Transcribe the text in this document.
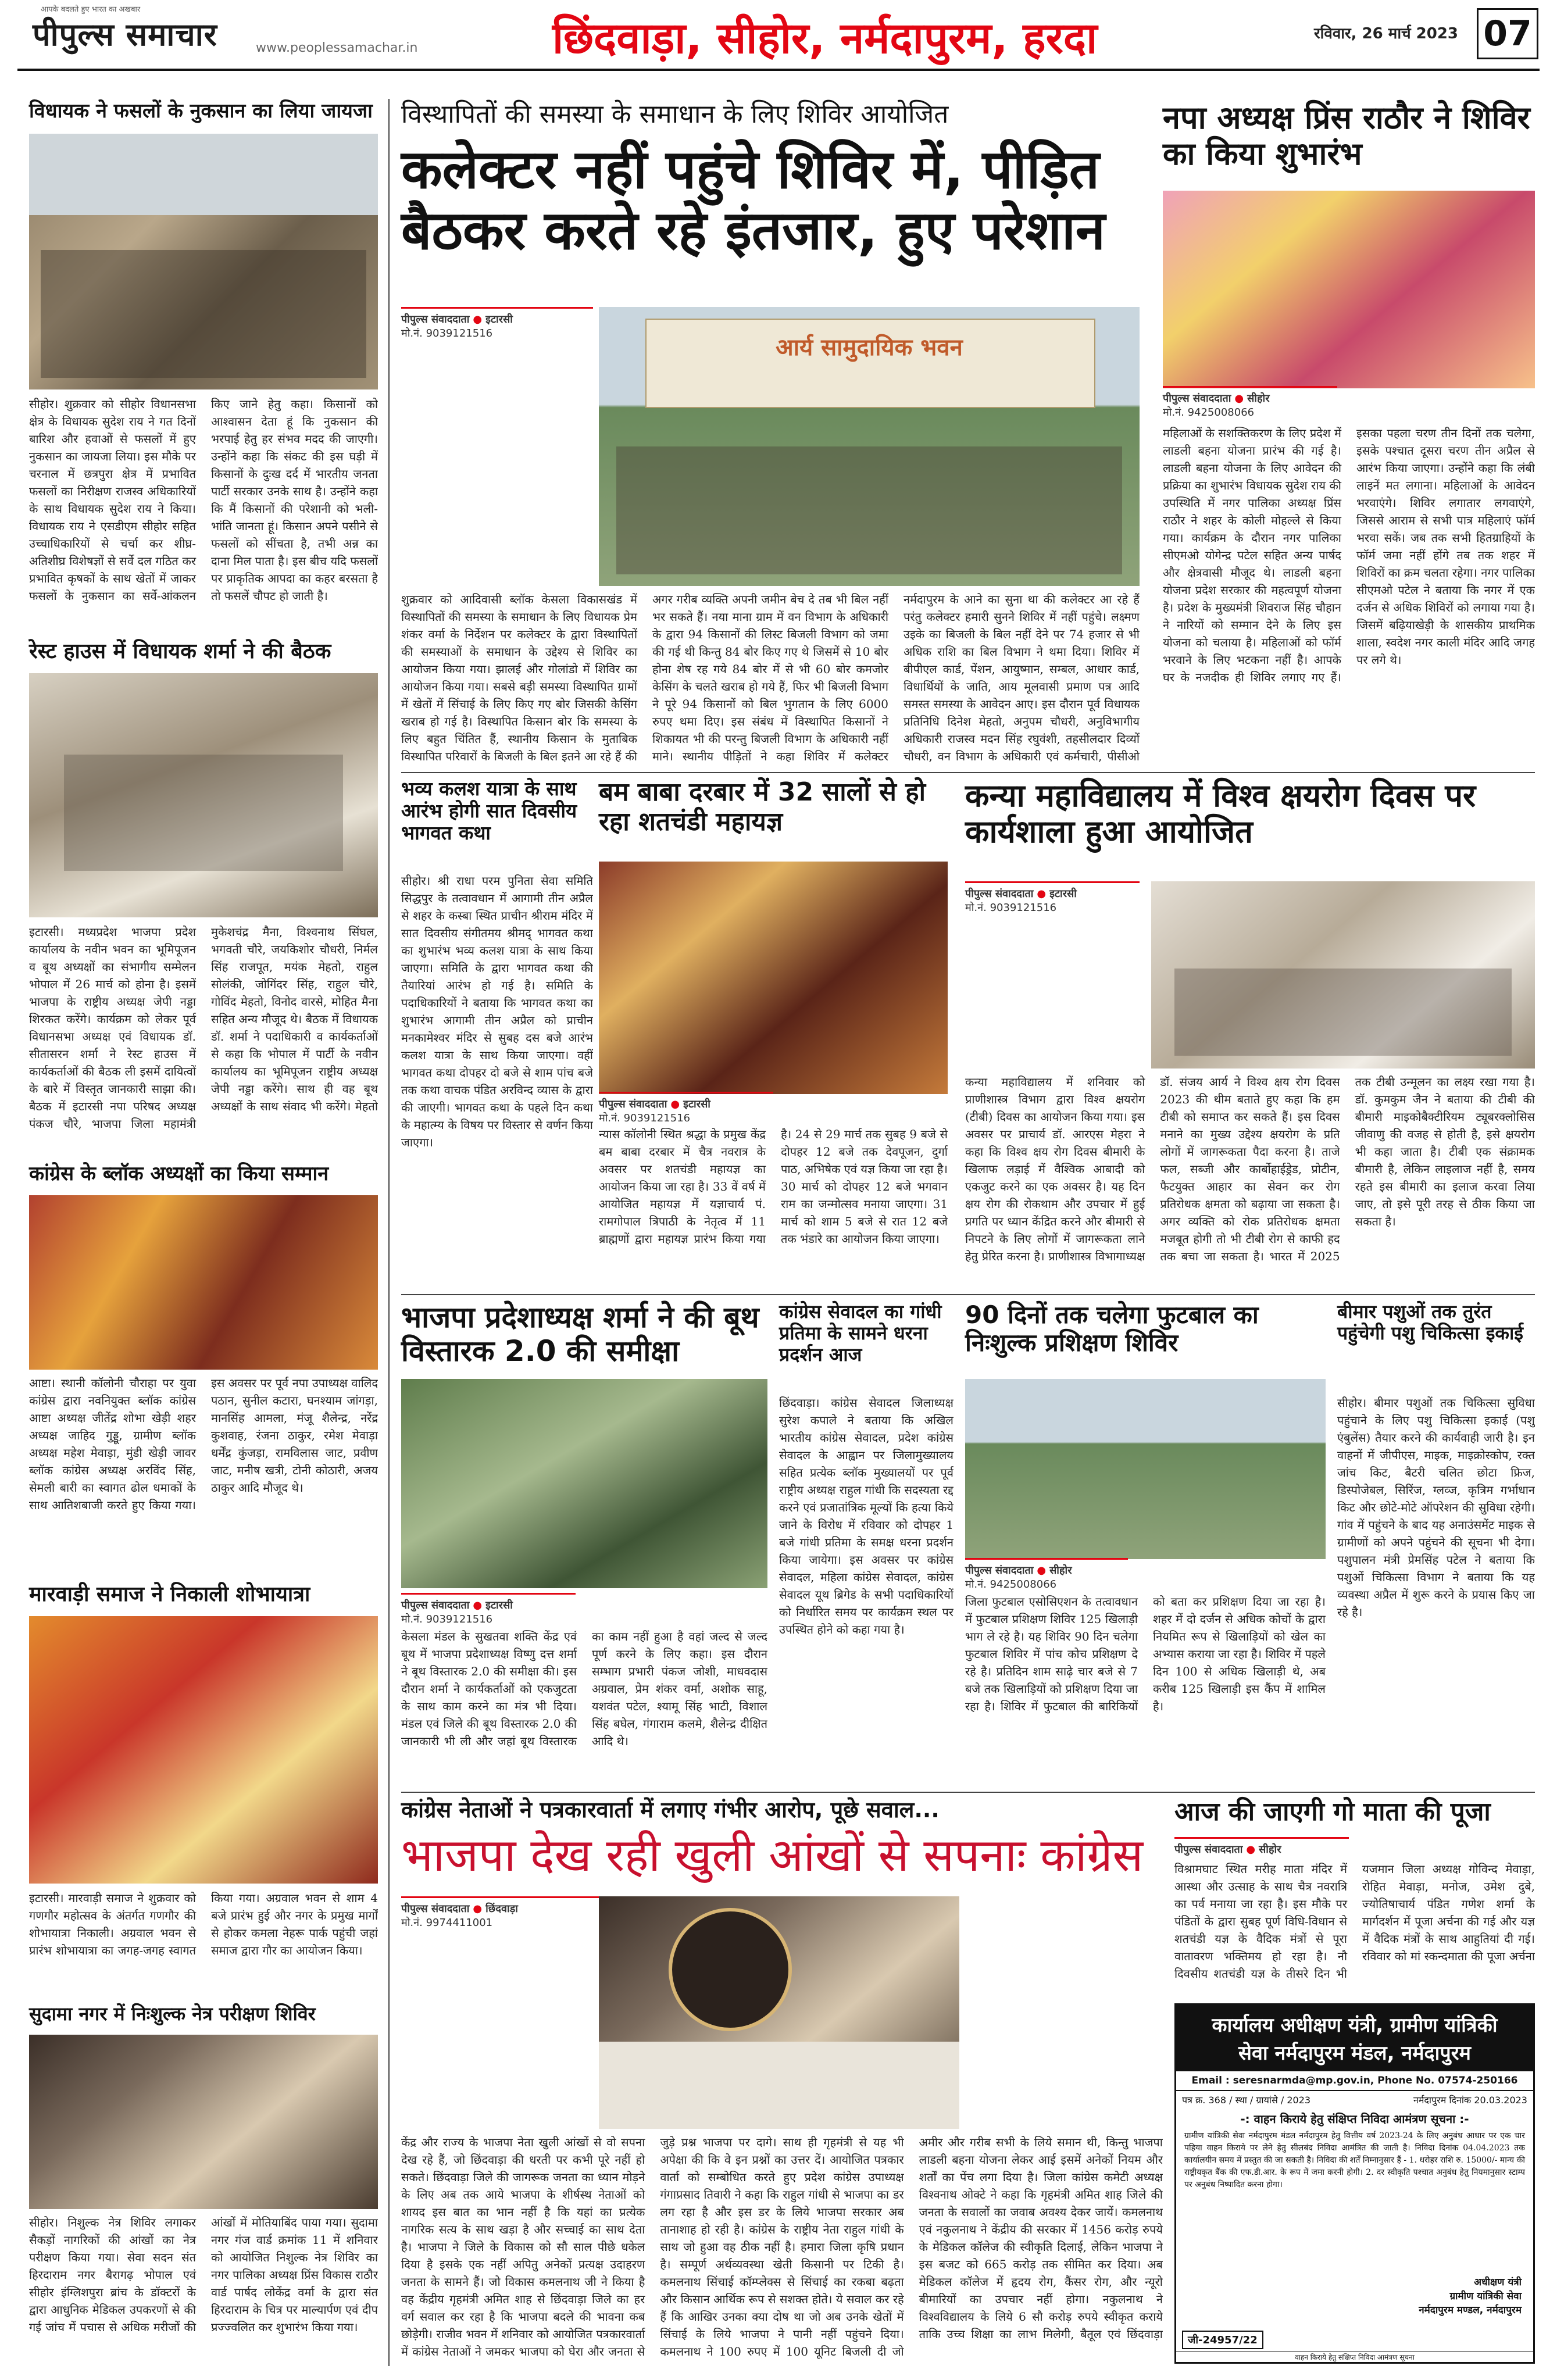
आपके बदलते हुए भारत का अखबार
पीपुल्स समाचार	www.peoplessamachar.in	छिंदवाड़ा, सीहोर, नर्मदापुरम, हरदा	रविवार, 26 मार्च 2023 07
विधायक ने फसलों के नुकसान का लिया जायजा
सीहोर। शुक्रवार को सीहोर विधानसभा क्षेत्र के विधायक सुदेश राय ने गत दिनों बारिश और हवाओं से फसलों में हुए नुकसान का जायजा लिया। इस मौके पर चरनाल में छत्रपुरा क्षेत्र में प्रभावित फसलों का निरीक्षण राजस्व अधिकारियों के साथ विधायक सुदेश राय ने किया। विधायक राय ने एसडीएम सीहोर सहित उच्चाधिकारियों से चर्चा कर शीघ्र-अतिशीघ्र विशेषज्ञों से सर्वे दल गठित कर प्रभावित कृषकों के साथ खेतों में जाकर फसलों के नुकसान का सर्वे-आंकलन किए जाने हेतु कहा। किसानों को आश्वासन देता हूं कि नुकसान की भरपाई हेतु हर संभव मदद की जाएगी। उन्होंने कहा कि संकट की इस घड़ी में किसानों के दुःख दर्द में भारतीय जनता पार्टी सरकार उनके साथ है। उन्होंने कहा कि मैं किसानों की परेशानी को भली-भांति जानता हूं। किसान अपने पसीने से फसलों को सींचता है, तभी अन्न का दाना मिल पाता है। इस बीच यदि फसलों पर प्राकृतिक आपदा का कहर बरसता है तो फसलें चौपट हो जाती है।
रेस्ट हाउस में विधायक शर्मा ने की बैठक
इटारसी। मध्यप्रदेश भाजपा प्रदेश कार्यालय के नवीन भवन का भूमिपूजन व बूथ अध्यक्षों का संभागीय सम्मेलन भोपाल में 26 मार्च को होना है। इसमें भाजपा के राष्ट्रीय अध्यक्ष जेपी नड्डा शिरकत करेंगे। कार्यक्रम को लेकर पूर्व विधानसभा अध्यक्ष एवं विधायक डॉ. सीतासरन शर्मा ने रेस्ट हाउस में कार्यकर्ताओं की बैठक ली इसमें दायित्वों के बारे में विस्तृत जानकारी साझा की। बैठक में इटारसी नपा परिषद अध्यक्ष पंकज चौरे, भाजपा जिला महामंत्री मुकेशचंद्र मैना, विश्वनाथ सिंघल, भगवती चौरे, जयकिशोर चौधरी, निर्मल सिंह राजपूत, मयंक मेहतो, राहुल सोलंकी, जोगिंदर सिंह, राहुल चौरे, गोविंद मेहतो, विनोद वारसे, मोहित मैना सहित अन्य मौजूद थे। बैठक में विधायक डॉ. शर्मा ने पदाधिकारी व कार्यकर्ताओं से कहा कि भोपाल में पार्टी के नवीन कार्यालय का भूमिपूजन राष्ट्रीय अध्यक्ष जेपी नड्डा करेंगे। साथ ही वह बूथ अध्यक्षों के साथ संवाद भी करेंगे। मेहतो
कांग्रेस के ब्लॉक अध्यक्षों का किया सम्मान
आष्टा। स्थानी कॉलोनी चौराहा पर युवा कांग्रेस द्वारा नवनियुक्त ब्लॉक कांग्रेस आष्टा अध्यक्ष जीतेंद्र शोभा खेड़ी शहर अध्यक्ष जाहिद गुड्डू, ग्रामीण ब्लॉक अध्यक्ष महेश मेवाड़ा, मुंडी खेड़ी जावर ब्लॉक कांग्रेस अध्यक्ष अरविंद सिंह, सेमली बारी का स्वागत ढोल धमाकों के साथ आतिशबाजी करते हुए किया गया। इस अवसर पर पूर्व नपा उपाध्यक्ष वालिद पठान, सुनील कटारा, घनश्याम जांगड़ा, मानसिंह आमला, मंजू शैलेन्द्र, नरेंद्र कुशवाह, रंजना ठाकुर, रमेश मेवाड़ा धर्मेंद्र कुंजड़ा, रामविलास जाट, प्रवीण जाट, मनीष खत्री, टोनी कोठारी, अजय ठाकुर आदि मौजूद थे।
मारवाड़ी समाज ने निकाली शोभायात्रा
इटारसी। मारवाड़ी समाज ने शुक्रवार को गणगौर महोत्सव के अंतर्गत गणगौर की शोभायात्रा निकाली। अग्रवाल भवन से प्रारंभ शोभायात्रा का जगह-जगह स्वागत किया गया। अग्रवाल भवन से शाम 4 बजे प्रारंभ हुई और नगर के प्रमुख मार्गों से होकर कमला नेहरू पार्क पहुंची जहां समाज द्वारा गौर का आयोजन किया।
सुदामा नगर में निःशुल्क नेत्र परीक्षण शिविर
सीहोर। निशुल्क नेत्र शिविर लगाकर सैकड़ों नागरिकों की आंखों का नेत्र परीक्षण किया गया। सेवा सदन संत हिरदाराम नगर बैरागढ़ भोपाल एवं सीहोर इंग्लिशपुरा ब्रांच के डॉक्टरों के द्वारा आधुनिक मेडिकल उपकरणों से की गई जांच में पचास से अधिक मरीजों की आंखों में मोतियाबिंद पाया गया। सुदामा नगर गंज वार्ड क्रमांक 11 में शनिवार को आयोजित निशुल्क नेत्र शिविर का नगर पालिका अध्यक्ष प्रिंस विकास राठौर वार्ड पार्षद लोकेंद्र वर्मा के द्वारा संत हिरदाराम के चित्र पर माल्यार्पण एवं दीप प्रज्ज्वलित कर शुभारंभ किया गया।
विस्थापितों की समस्या के समाधान के लिए शिविर आयोजित
कलेक्टर नहीं पहुंचे शिविर में, पीड़ित बैठकर करते रहे इंतजार, हुए परेशान
पीपुल्स संवाददाता ● इटारसी
मो.नं. 9039121516
आर्य सामुदायिक भवन
शुक्रवार को आदिवासी ब्लॉक केसला विकासखंड में विस्थापितों की समस्या के समाधान के लिए विधायक प्रेम शंकर वर्मा के निर्देशन पर कलेक्टर के द्वारा विस्थापितों की समस्याओं के समाधान के उद्देश्य से शिविर का आयोजन किया गया। झालई और गोलांडो में शिविर का आयोजन किया गया। सबसे बड़ी समस्या विस्थापित ग्रामों में खेतों में सिंचाई के लिए किए गए बोर जिसकी केसिंग खराब हो गई है। विस्थापित किसान बोर कि समस्या के लिए बहुत चिंतित हैं, स्थानीय किसान के मुताबिक विस्थापित परिवारों के बिजली के बिल इतने आ रहे हैं की अगर गरीब व्यक्ति अपनी जमीन बेच दे तब भी बिल नहीं भर सकते हैं। नया माना ग्राम में वन विभाग के अधिकारी के द्वारा 94 किसानों की लिस्ट बिजली विभाग को जमा की गई थी किन्तु 84 बोर किए गए थे जिसमें से 10 बोर होना शेष रह गये 84 बोर में से भी 60 बोर कमजोर केसिंग के चलते खराब हो गये हैं, फिर भी बिजली विभाग ने पूरे 94 किसानों को बिल भुगतान के लिए 6000 रुपए थमा दिए। इस संबंध में विस्थापित किसानों ने शिकायत भी की परन्तु बिजली विभाग के अधिकारी नहीं माने। स्थानीय पीड़ितों ने कहा शिविर में कलेक्टर नर्मदापुरम के आने का सुना था की कलेक्टर आ रहे हैं परंतु कलेक्टर हमारी सुनने शिविर में नहीं पहुंचे। लक्ष्मण उइके का बिजली के बिल नहीं देने पर 74 हजार से भी अधिक राशि का बिल विभाग ने थमा दिया। शिविर में बीपीएल कार्ड, पेंशन, आयुष्मान, सम्बल, आधार कार्ड, विधार्थियों के जाति, आय मूलवासी प्रमाण पत्र आदि समस्त समस्या के आवेदन आए। इस दौरान पूर्व विधायक प्रतिनिधि दिनेश मेहतो, अनुपम चौधरी, अनुविभागीय अधिकारी राजस्व मदन सिंह रघुवंशी, तहसीलदार दिव्यों चौधरी, वन विभाग के अधिकारी एवं कर्मचारी, पीसीओ
नपा अध्यक्ष प्रिंस राठौर ने शिविर का किया शुभारंभ
पीपुल्स संवाददाता ● सीहोर
मो.नं. 9425008066
महिलाओं के सशक्तिकरण के लिए प्रदेश में लाडली बहना योजना प्रारंभ की गई है। लाडली बहना योजना के लिए आवेदन की प्रक्रिया का शुभारंभ विधायक सुदेश राय की उपस्थिति में नगर पालिका अध्यक्ष प्रिंस राठौर ने शहर के कोली मोहल्ले से किया गया। कार्यक्रम के दौरान नगर पालिका सीएमओ योगेन्द्र पटेल सहित अन्य पार्षद और क्षेत्रवासी मौजूद थे। लाडली बहना योजना प्रदेश सरकार की महत्वपूर्ण योजना है। प्रदेश के मुख्यमंत्री शिवराज सिंह चौहान ने नारियों को सम्मान देने के लिए इस योजना को चलाया है। महिलाओं को फॉर्म भरवाने के लिए भटकना नहीं है। आपके घर के नजदीक ही शिविर लगाए गए हैं। इसका पहला चरण तीन दिनों तक चलेगा, इसके पश्चात दूसरा चरण तीन अप्रैल से आरंभ किया जाएगा। उन्होंने कहा कि लंबी लाइनें मत लगाना। महिलाओं के आवेदन भरवाएंगे। शिविर लगातार लगवाएंगे, जिससे आराम से सभी पात्र महिलाएं फॉर्म भरवा सकें। जब तक सभी हितग्राहियों के फॉर्म जमा नहीं होंगे तब तक शहर में शिविरों का क्रम चलता रहेगा। नगर पालिका सीएमओ पटेल ने बताया कि नगर में एक दर्जन से अधिक शिविरों को लगाया गया है। जिसमें बढ़ियाखेड़ी के शासकीय प्राथमिक शाला, स्वदेश नगर काली मंदिर आदि जगह पर लगे थे।
भव्य कलश यात्रा के साथ आरंभ होगी सात दिवसीय भागवत कथा
सीहोर। श्री राधा परम पुनिता सेवा समिति सिद्धपुर के तत्वावधान में आगामी तीन अप्रैल से शहर के कस्बा स्थित प्राचीन श्रीराम मंदिर में सात दिवसीय संगीतमय श्रीमद् भागवत कथा का शुभारंभ भव्य कलश यात्रा के साथ किया जाएगा। समिति के द्वारा भागवत कथा की तैयारियां आरंभ हो गई है। समिति के पदाधिकारियों ने बताया कि भागवत कथा का शुभारंभ आगामी तीन अप्रैल को प्राचीन मनकामेश्वर मंदिर से सुबह दस बजे आरंभ कलश यात्रा के साथ किया जाएगा। वहीं भागवत कथा दोपहर दो बजे से शाम पांच बजे तक कथा वाचक पंडित अरविन्द व्यास के द्वारा की जाएगी। भागवत कथा के पहले दिन कथा के महात्म्य के विषय पर विस्तार से वर्णन किया जाएगा।
बम बाबा दरबार में 32 सालों से हो रहा शतचंडी महायज्ञ
पीपुल्स संवाददाता ● इटारसी
मो.नं. 9039121516
न्यास कॉलोनी स्थित श्रद्धा के प्रमुख केंद्र बम बाबा दरबार में चैत्र नवरात्र के अवसर पर शतचंडी महायज्ञ का आयोजन किया जा रहा है। 33 वें वर्ष में आयोजित महायज्ञ में यज्ञाचार्य पं. रामगोपाल त्रिपाठी के नेतृत्व में 11 ब्राह्मणों द्वारा महायज्ञ प्रारंभ किया गया है। 24 से 29 मार्च तक सुबह 9 बजे से दोपहर 12 बजे तक देवपूजन, दुर्गा पाठ, अभिषेक एवं यज्ञ किया जा रहा है। 30 मार्च को दोपहर 12 बजे भगवान राम का जन्मोत्सव मनाया जाएगा। 31 मार्च को शाम 5 बजे से रात 12 बजे तक भंडारे का आयोजन किया जाएगा।
कन्या महाविद्यालय में विश्व क्षयरोग दिवस पर कार्यशाला हुआ आयोजित
पीपुल्स संवाददाता ● इटारसी
मो.नं. 9039121516
कन्या महाविद्यालय में शनिवार को प्राणीशास्त्र विभाग द्वारा विश्व क्षयरोग (टीबी) दिवस का आयोजन किया गया। इस अवसर पर प्राचार्य डॉ. आरएस मेहरा ने कहा कि विश्व क्षय रोग दिवस बीमारी के खिलाफ लड़ाई में वैश्विक आबादी को एकजुट करने का एक अवसर है। यह दिन क्षय रोग की रोकथाम और उपचार में हुई प्रगति पर ध्यान केंद्रित करने और बीमारी से निपटने के लिए लोगों में जागरूकता लाने हेतु प्रेरित करना है। प्राणीशास्त्र विभागाध्यक्ष डॉ. संजय आर्य ने विश्व क्षय रोग दिवस 2023 की थीम बताते हुए कहा कि हम टीबी को समाप्त कर सकते हैं। इस दिवस मनाने का मुख्य उद्देश्य क्षयरोग के प्रति लोगों में जागरूकता पैदा करना है। ताजे फल, सब्जी और कार्बोहाईड्रेड, प्रोटीन, फैटयुक्त आहार का सेवन कर रोग प्रतिरोधक क्षमता को बढ़ाया जा सकता है। अगर व्यक्ति को रोक प्रतिरोधक क्षमता मजबूत होगी तो भी टीबी रोग से काफी हद तक बचा जा सकता है। भारत में 2025 तक टीबी उन्मूलन का लक्ष्य रखा गया है। डॉ. कुमकुम जैन ने बताया की टीबी की बीमारी माइकोबैक्टीरियम ट्यूबरक्लोसिस जीवाणु की वजह से होती है, इसे क्षयरोग भी कहा जाता है। टीबी एक संक्रामक बीमारी है, लेकिन लाइलाज नहीं है, समय रहते इस बीमारी का इलाज करवा लिया जाए, तो इसे पूरी तरह से ठीक किया जा सकता है।
भाजपा प्रदेशाध्यक्ष शर्मा ने की बूथ विस्तारक 2.0 की समीक्षा
पीपुल्स संवाददाता ● इटारसी
मो.नं. 9039121516
केसला मंडल के सुखतवा शक्ति केंद्र एवं बूथ में भाजपा प्रदेशाध्यक्ष विष्णु दत्त शर्मा ने बूथ विस्तारक 2.0 की समीक्षा की। इस दौरान शर्मा ने कार्यकर्ताओं को एकजुटता के साथ काम करने का मंत्र भी दिया। मंडल एवं जिले की बूथ विस्तारक 2.0 की जानकारी भी ली और जहां बूथ विस्तारक का काम नहीं हुआ है वहां जल्द से जल्द पूर्ण करने के लिए कहा। इस दौरान सम्भाग प्रभारी पंकज जोशी, माधवदास अग्रवाल, प्रेम शंकर वर्मा, अशोक साहू, यशवंत पटेल, श्यामू सिंह भाटी, विशाल सिंह बघेल, गंगाराम कलमे, शैलेन्द्र दीक्षित आदि थे।
कांग्रेस सेवादल का गांधी प्रतिमा के सामने धरना प्रदर्शन आज
छिंदवाड़ा। कांग्रेस सेवादल जिलाध्यक्ष सुरेश कपाले ने बताया कि अखिल भारतीय कांग्रेस सेवादल, प्रदेश कांग्रेस सेवादल के आह्वान पर जिलामुख्यालय सहित प्रत्येक ब्लॉक मुख्यालयों पर पूर्व राष्ट्रीय अध्यक्ष राहुल गांधी कि सदस्यता रद्द करने एवं प्रजातांत्रिक मूल्यों कि हत्या किये जाने के विरोध में रविवार को दोपहर 1 बजे गांधी प्रतिमा के समक्ष धरना प्रदर्शन किया जायेगा। इस अवसर पर कांग्रेस सेवादल, महिला कांग्रेस सेवादल, कांग्रेस सेवादल यूथ ब्रिगेड के सभी पदाधिकारियों को निर्धारित समय पर कार्यक्रम स्थल पर उपस्थित होने को कहा गया है।
90 दिनों तक चलेगा फुटबाल का निःशुल्क प्रशिक्षण शिविर
पीपुल्स संवाददाता ● सीहोर
मो.नं. 9425008066
जिला फुटबाल एसोसिएशन के तत्वावधान में फुटबाल प्रशिक्षण शिविर 125 खिलाड़ी भाग ले रहे है। यह शिविर 90 दिन चलेगा फुटबाल शिविर में पांच कोच प्रशिक्षण दे रहे है। प्रतिदिन शाम साढ़े चार बजे से 7 बजे तक खिलाड़ियों को प्रशिक्षण दिया जा रहा है। शिविर में फुटबाल की बारिकियों को बता कर प्रशिक्षण दिया जा रहा है। शहर में दो दर्जन से अधिक कोचों के द्वारा नियमित रूप से खिलाड़ियों को खेल का अभ्यास कराया जा रहा है। शिविर में पहले दिन 100 से अधिक खिलाड़ी थे, अब करीब 125 खिलाड़ी इस कैंप में शामिल है।
बीमार पशुओं तक तुरंत पहुंचेगी पशु चिकित्सा इकाई
सीहोर। बीमार पशुओं तक चिकित्सा सुविधा पहुंचाने के लिए पशु चिकित्सा इकाई (पशु एंबुलेंस) तैयार करने की कार्यवाही जारी है। इन वाहनों में जीपीएस, माइक, माइक्रोस्कोप, रक्त जांच किट, बैटरी चलित छोटा फ्रिज, डिस्पोजेबल, सिरिंज, ग्लव्ज, कृत्रिम गर्भाधान किट और छोटे-मोटे ऑपरेशन की सुविधा रहेगी। गांव में पहुंचने के बाद यह अनाउंसमेंट माइक से ग्रामीणों को अपने पहुंचने की सूचना भी देगा। पशुपालन मंत्री प्रेमसिंह पटेल ने बताया कि पशुओं चिकित्सा विभाग ने बताया कि यह व्यवस्था अप्रैल में शुरू करने के प्रयास किए जा रहे है।
कांग्रेस नेताओं ने पत्रकारवार्ता में लगाए गंभीर आरोप, पूछे सवाल...
भाजपा देख रही खुली आंखों से सपनाः कांग्रेस
पीपुल्स संवाददाता ● छिंदवाड़ा
मो.नं. 9974411001
केंद्र और राज्य के भाजपा नेता खुली आंखों से वो सपना देख रहे हैं, जो छिंदवाड़ा की धरती पर कभी पूरे नहीं हो सकते। छिंदवाड़ा जिले की जागरूक जनता का ध्यान मोड़ने के लिए अब तक आये भाजपा के शीर्षस्थ नेताओं को शायद इस बात का भान नहीं है कि यहां का प्रत्येक नागरिक सत्य के साथ खड़ा है और सच्चाई का साथ देता है। भाजपा ने जिले के विकास को सौ साल पीछे धकेल दिया है इसके एक नहीं अपितु अनेकों प्रत्यक्ष उदाहरण जनता के सामने हैं। जो विकास कमलनाथ जी ने किया है वह केंद्रीय गृहमंत्री अमित शाह से छिंदवाड़ा जिले का हर वर्ग सवाल कर रहा है कि भाजपा बदले की भावना कब छोड़ेगी। राजीव भवन में शनिवार को आयोजित पत्रकारवार्ता में कांग्रेस नेताओं ने जमकर भाजपा को घेरा और जनता से जुड़े प्रश्न भाजपा पर दागे। साथ ही गृहमंत्री से यह भी अपेक्षा की कि वे इन प्रश्नों का उत्तर दें। आयोजित पत्रकार वार्ता को सम्बोधित करते हुए प्रदेश कांग्रेस उपाध्यक्ष गंगाप्रसाद तिवारी ने कहा कि राहुल गांधी से भाजपा का डर लग रहा है और इस डर के लिये भाजपा सरकार अब तानाशाह हो रही है। कांग्रेस के राष्ट्रीय नेता राहुल गांधी के साथ जो हुआ वह ठीक नहीं है। हमारा जिला कृषि प्रधान है। सम्पूर्ण अर्थव्यवस्था खेती किसानी पर टिकी है। कमलनाथ सिंचाई कॉम्प्लेक्स से सिंचाई का रकबा बढ़ता और किसान आर्थिक रूप से सशक्त होते। ये सवाल कर रहे हैं कि आखिर उनका क्या दोष था जो अब उनके खेतों में सिंचाई के लिये भाजपा ने पानी नहीं पहुंचने दिया। कमलनाथ ने 100 रुपए में 100 यूनिट बिजली दी जो अमीर और गरीब सभी के लिये समान थी, किन्तु भाजपा लाडली बहना योजना लेकर आई इसमें अनेकों नियम और शर्तों का पेंच लगा दिया है। जिला कांग्रेस कमेटी अध्यक्ष विश्वनाथ ओक्टे ने कहा कि गृहमंत्री अमित शाह जिले की जनता के सवालों का जवाब अवश्य देकर जायें। कमलनाथ एवं नकुलनाथ ने केंद्रीय की सरकार में 1456 करोड़ रुपये के मेडिकल कॉलेज की स्वीकृति दिलाई, लेकिन भाजपा ने इस बजट को 665 करोड़ तक सीमित कर दिया। अब मेडिकल कॉलेज में हृदय रोग, कैंसर रोग, और न्यूरो बीमारियों का उपचार नहीं होगा। नकुलनाथ ने विश्वविद्यालय के लिये 6 सौ करोड़ रुपये स्वीकृत कराये ताकि उच्च शिक्षा का लाभ मिलेगी, बैतूल एवं छिंदवाड़ा
आज की जाएगी गो माता की पूजा
पीपुल्स संवाददाता ● सीहोर
विश्रामघाट स्थित मरीह माता मंदिर में आस्था और उत्साह के साथ चैत्र नवरात्रि का पर्व मनाया जा रहा है। इस मौके पर पंडितों के द्वारा सुबह पूर्ण विधि-विधान से शतचंडी यज्ञ के वैदिक मंत्रों से पूरा वातावरण भक्तिमय हो रहा है। नौ दिवसीय शतचंडी यज्ञ के तीसरे दिन भी यजमान जिला अध्यक्ष गोविन्द मेवाड़ा, रोहित मेवाड़ा, मनोज, उमेश दुबे, ज्योतिषाचार्य पंडित गणेश शर्मा के मार्गदर्शन में पूजा अर्चना की गई और यज्ञ में वैदिक मंत्रों के साथ आहुतियां दी गई। रविवार को मां स्कन्दमाता की पूजा अर्चना
कार्यालय अधीक्षण यंत्री, ग्रामीण यांत्रिकी
सेवा नर्मदापुरम मंडल, नर्मदापुरम
Email : seresnarmda@mp.gov.in, Phone No. 07574-250166
पत्र क्र. 368 / स्था / ग्रायांसे / 2023	नर्मदापुरम दिनांक 20.03.2023
-: वाहन किराये हेतु संक्षिप्त निविदा आमंत्रण सूचना :-
ग्रामीण यांत्रिकी सेवा नर्मदापुरम मंडल नर्मदापुरम हेतु वित्तीय वर्ष 2023-24 के लिए अनुबंध आधार पर एक चार पहिया वाहन किराये पर लेने हेतु सीलबंद निविदा आमंत्रित की जाती है। निविदा दिनांक 04.04.2023 तक कार्यालयीन समय में प्रस्तुत की जा सकती है। निविदा की शर्तें निम्नानुसार हैं - 1. धरोहर राशि रु. 15000/- मान्य की राष्ट्रीयकृत बैंक की एफ.डी.आर. के रूप में जमा करनी होगी। 2. दर स्वीकृति पश्चात अनुबंध हेतु नियमानुसार स्टाम्प पर अनुबंध निष्पादित करना होगा।
अधीक्षण यंत्री
ग्रामीण यांत्रिकी सेवा
नर्मदापुरम मण्डल, नर्मदापुरम
जी-24957/22
वाहन किराये हेतु संक्षिप्त निविदा आमंत्रण सूचना
